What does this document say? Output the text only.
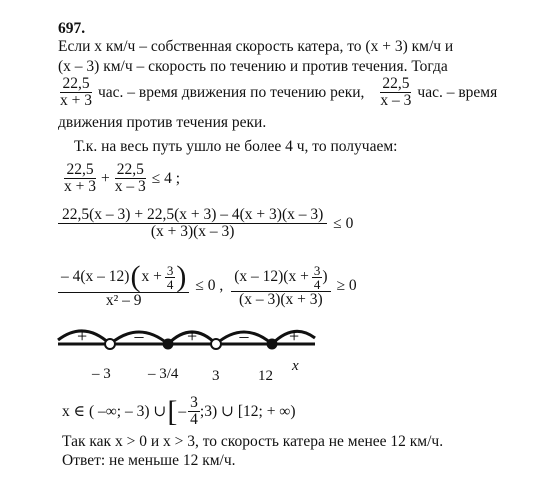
697.
Если x км/ч – собственная скорость катера, то (x + 3) км/ч и
(x – 3) км/ч – скорость по течению и против течения. Тогда
$\frac{22,5}{x + 3}$ час. – время движения по течению реки, $\frac{22,5}{x - 3}$ час. – время
движения против течения реки.
Т.к. на весь путь ушло не более 4 ч, то получаем:
$\frac{22,5}{x + 3} + \frac{22,5}{x - 3} \le 4$ ;
$\frac{22,5(x - 3) + 22,5(x + 3) - 4(x + 3)(x - 3)}{(x + 3)(x - 3)} \le 0$
– 4(x – 12) ( $x + \frac{3}{4}$ )
x² – 9
≤ 0 , $\frac{(x - 12)(x + \frac{3}{4} )}{(x - 3)(x + 3)} \ge 0$
+	– + – +
– 3 – 3/4 3	12
x
x ∈ ( –∞; – 3) ∪ [ – $\frac{3}{4}$ ;3) ∪ [12; + ∞)
Так как x > 0 и x > 3, то скорость катера не менее 12 км/ч.
Ответ: не меньше 12 км/ч.
